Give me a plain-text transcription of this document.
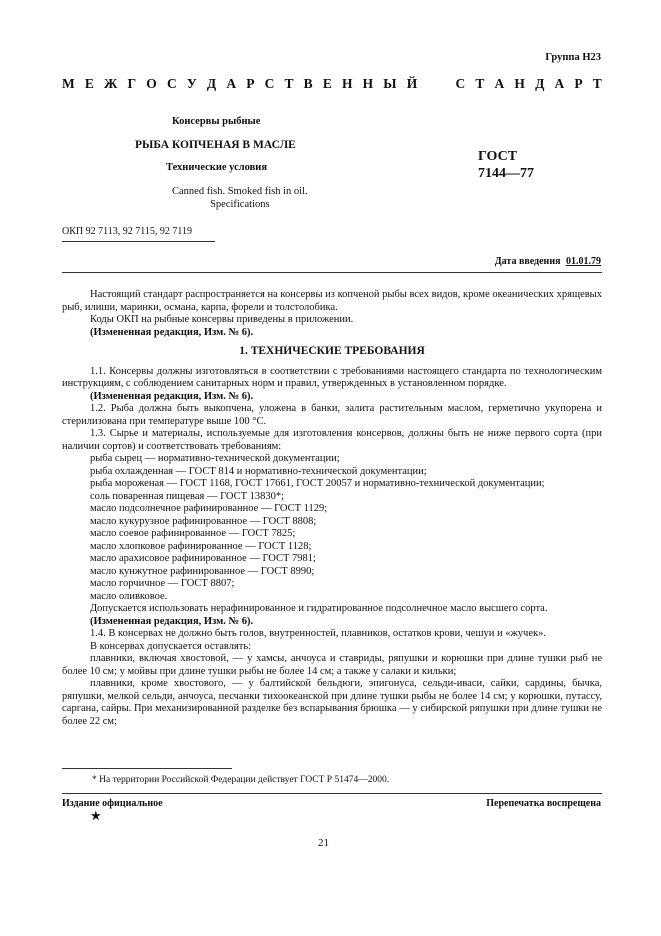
Группа Н23
М Е Ж Г О С У Д А Р С Т В Е Н Н Ы Й	С Т А Н Д А Р Т
Консервы рыбные
РЫБА КОПЧЕНАЯ В МАСЛЕ
Технические условия
Canned fish. Smoked fish in oil.
Specifications
ГОСТ
7144—77
ОКП 92 7113, 92 7115, 92 7119
Дата введения 01.01.79

Настоящий стандарт распространяется на консервы из копченой рыбы всех видов, кроме океанических хрящевых рыб, илиши, маринки, османа, карпа, форели и толстолобика.

Коды ОКП на рыбные консервы приведены в приложении.

(Измененная редакция, Изм. № 6).

1. ТЕХНИЧЕСКИЕ ТРЕБОВАНИЯ

1.1. Консервы должны изготовляться в соответствии с требованиями настоящего стандарта по технологическим инструкциям, с соблюдением санитарных норм и правил, утвержденных в установленном порядке.

(Измененная редакция, Изм. № 6).

1.2. Рыба должна быть выкопчена, уложена в банки, залита растительным маслом, герметично укупорена и стерилизована при температуре выше 100 °С.

1.3. Сырье и материалы, используемые для изготовления консервов, должны быть не ниже первого сорта (при наличии сортов) и соответствовать требованиям:

рыба сырец — нормативно-технической документации;

рыба охлажденная — ГОСТ 814 и нормативно-технической документации;

рыба мороженая — ГОСТ 1168, ГОСТ 17661, ГОСТ 20057 и нормативно-технической документации;

соль поваренная пищевая — ГОСТ 13830*;

масло подсолнечное рафинированное — ГОСТ 1129;

масло кукурузное рафинированное — ГОСТ 8808;

масло соевое рафинированное — ГОСТ 7825;

масло хлопковое рафинированное — ГОСТ 1128;

масло арахисовое рафинированное — ГОСТ 7981;

масло кунжутное рафинированное — ГОСТ 8990;

масло горчичное — ГОСТ 8807;

масло оливковое.

Допускается использовать нерафинированное и гидратированное подсолнечное масло высшего сорта.

(Измененная редакция, Изм. № 6).

1.4. В консервах не должно быть голов, внутренностей, плавников, остатков крови, чешуи и «жучек».

В консервах допускается оставлять:

плавники, включая хвостовой, — у хамсы, анчоуса и ставриды, ряпушки и корюшки при длине тушки рыб не более 10 см; у мойвы при длине тушки рыбы не более 14 см; а также у салаки и кильки;

плавники, кроме хвостового, — у балтийской бельдюги, эпигонуса, сельди-иваси, сайки, сардины, бычка, ряпушки, мелкой сельди, анчоуса, песчанки тихоокеанской при длине тушки рыбы не более 14 см; у корюшки, путассу, саргана, сайры. При механизированной разделке без вспарывания брюшка — у сибирской ряпушки при длине тушки не более 22 см;

* На территории Российской Федерации действует ГОСТ Р 51474—2000.
Издание официальное
★
Перепечатка воспрещена
21
